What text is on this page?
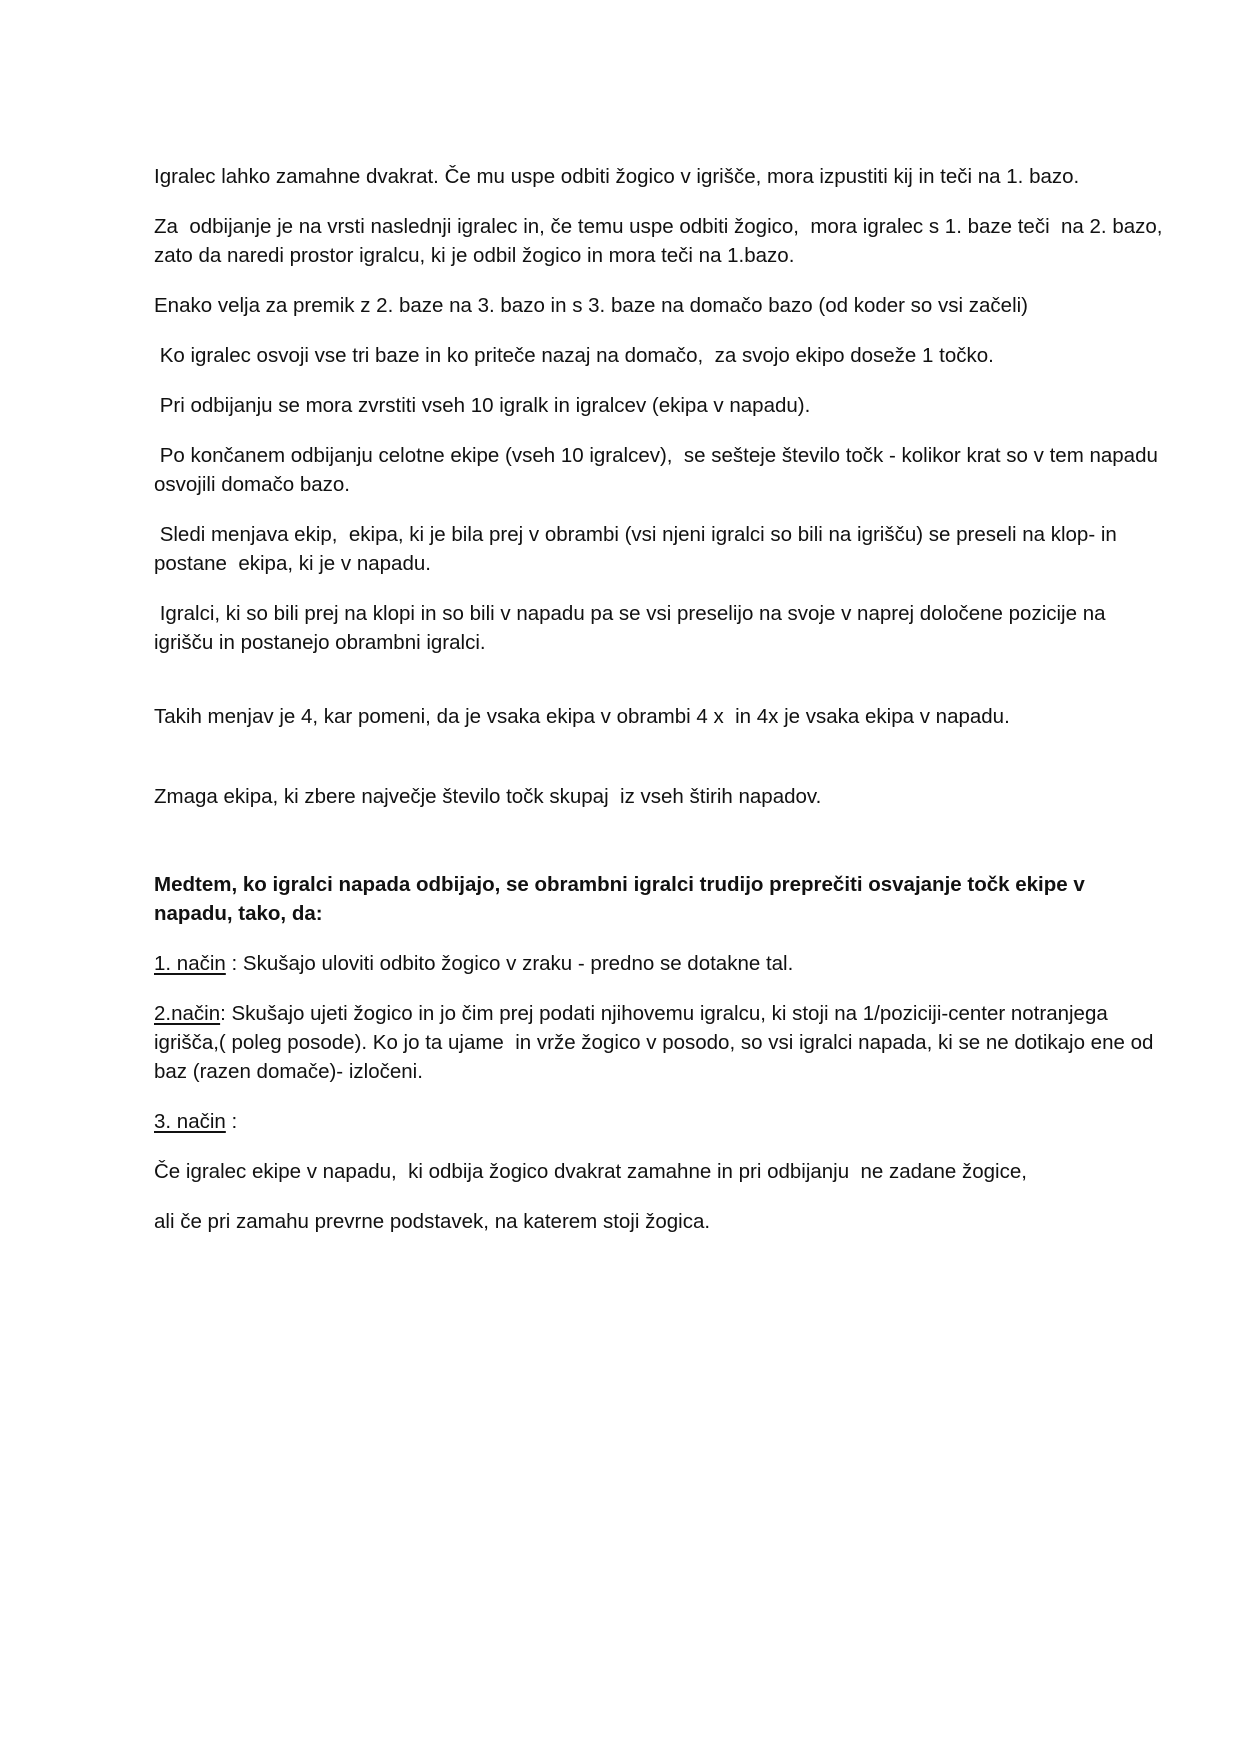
Igralec lahko zamahne dvakrat. Če mu uspe odbiti žogico v igrišče, mora izpustiti kij in teči na 1. bazo.

Za  odbijanje je na vrsti naslednji igralec in, če temu uspe odbiti žogico,  mora igralec s 1. baze teči  na 2. bazo, zato da naredi prostor igralcu, ki je odbil žogico in mora teči na 1.bazo.

Enako velja za premik z 2. baze na 3. bazo in s 3. baze na domačo bazo (od koder so vsi začeli)

Ko igralec osvoji vse tri baze in ko priteče nazaj na domačo,  za svojo ekipo doseže 1 točko.

Pri odbijanju se mora zvrstiti vseh 10 igralk in igralcev (ekipa v napadu).

Po končanem odbijanju celotne ekipe (vseh 10 igralcev),  se sešteje število točk - kolikor krat so v tem napadu osvojili domačo bazo.

Sledi menjava ekip,  ekipa, ki je bila prej v obrambi (vsi njeni igralci so bili na igrišču) se preseli na klop- in postane  ekipa, ki je v napadu.

Igralci, ki so bili prej na klopi in so bili v napadu pa se vsi preselijo na svoje v naprej določene pozicije na igrišču in postanejo obrambni igralci.

Takih menjav je 4, kar pomeni, da je vsaka ekipa v obrambi 4 x  in 4x je vsaka ekipa v napadu.

Zmaga ekipa, ki zbere največje število točk skupaj  iz vseh štirih napadov.

Medtem, ko igralci napada odbijajo, se obrambni igralci trudijo preprečiti osvajanje točk ekipe v napadu, tako, da:

1. način : Skušajo uloviti odbito žogico v zraku - predno se dotakne tal.

2.način: Skušajo ujeti žogico in jo čim prej podati njihovemu igralcu, ki stoji na 1/poziciji-center notranjega igrišča,( poleg posode). Ko jo ta ujame  in vrže žogico v posodo, so vsi igralci napada, ki se ne dotikajo ene od baz (razen domače)- izločeni.

3. način :

Če igralec ekipe v napadu,  ki odbija žogico dvakrat zamahne in pri odbijanju  ne zadane žogice,

ali če pri zamahu prevrne podstavek, na katerem stoji žogica.
